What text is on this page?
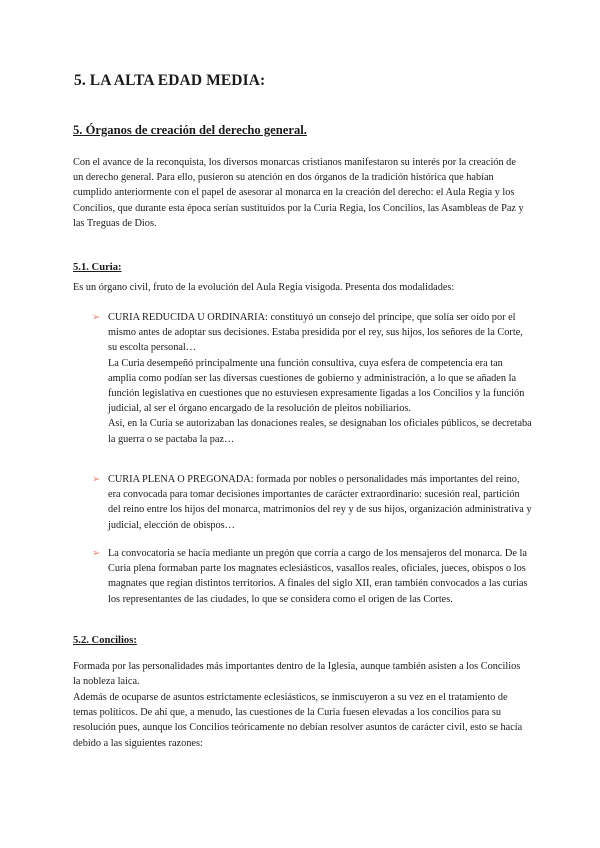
5. LA ALTA EDAD MEDIA:
5. Órganos de creación del derecho general.

Con el avance de la reconquista, los diversos monarcas cristianos manifestaron su interés por la creación de un derecho general. Para ello, pusieron su atención en dos órganos de la tradición histórica que habían cumplido anteriormente con el papel de asesorar al monarca en la creación del derecho: el Aula Regia y los Concilios, que durante esta época serían sustituidos por la Curia Regia, los Concilios, las Asambleas de Paz y las Treguas de Dios.

5.1. Curia:

Es un órgano civil, fruto de la evolución del Aula Regia visigoda. Presenta dos modalidades:

➢ CURIA REDUCIDA U ORDINARIA: constituyó un consejo del príncipe, que solía ser oído por el mismo antes de adoptar sus decisiones. Estaba presidida por el rey, sus hijos, los señores de la Corte, su escolta personal…

La Curia desempeñó principalmente una función consultiva, cuya esfera de competencia era tan amplia como podían ser las diversas cuestiones de gobierno y administración, a lo que se añaden la función legislativa en cuestiones que no estuviesen expresamente ligadas a los Concilios y la función judicial, al ser el órgano encargado de la resolución de pleitos nobiliarios.

Así, en la Curia se autorizaban las donaciones reales, se designaban los oficiales públicos, se decretaba la guerra o se pactaba la paz…

➢ CURIA PLENA O PREGONADA: formada por nobles o personalidades más importantes del reino, era convocada para tomar decisiones importantes de carácter extraordinario: sucesión real, partición del reino entre los hijos del monarca, matrimonios del rey y de sus hijos, organización administrativa y judicial, elección de obispos…

➢ La convocatoria se hacía mediante un pregón que corría a cargo de los mensajeros del monarca. De la Curia plena formaban parte los magnates eclesiásticos, vasallos reales, oficiales, jueces, obispos o los magnates que regían distintos territorios. A finales del siglo XII, eran también convocados a las curias los representantes de las ciudades, lo que se considera como el origen de las Cortes.

5.2. Concilios:

Formada por las personalidades más importantes dentro de la Iglesia, aunque también asisten a los Concilios la nobleza laica.

Además de ocuparse de asuntos estrictamente eclesiásticos, se inmiscuyeron a su vez en el tratamiento de temas políticos. De ahí que, a menudo, las cuestiones de la Curia fuesen elevadas a los concilios para su resolución pues, aunque los Concilios teóricamente no debían resolver asuntos de carácter civil, esto se hacía debido a las siguientes razones:
